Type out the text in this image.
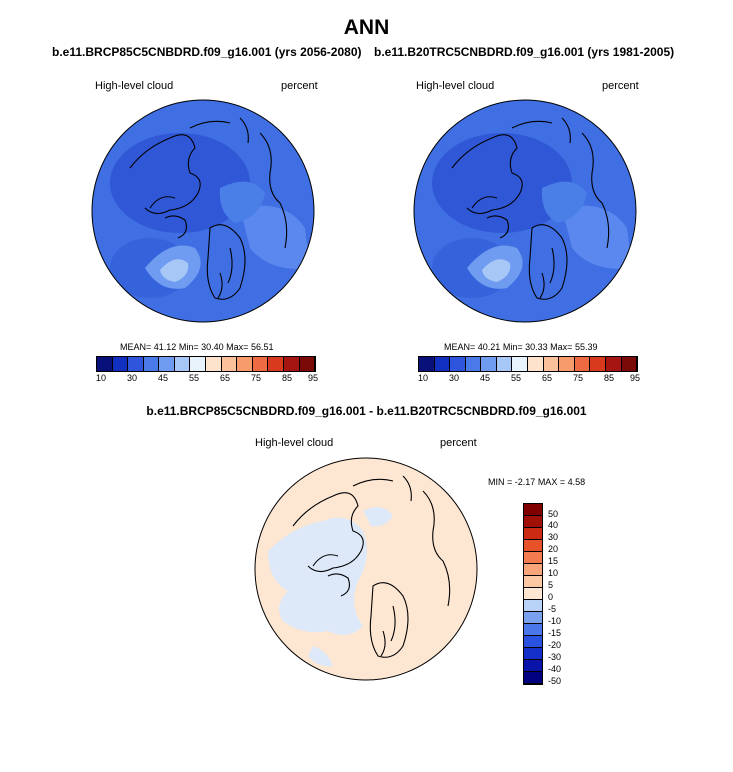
ANN
b.e11.BRCP85C5CNBDRD.f09_g16.001 (yrs 2056-2080)
High-level cloud	percent
MEAN= 41.12 Min= 30.40 Max= 56.51
10	30	45	55	65	75	85	95
b.e11.B20TRC5CNBDRD.f09_g16.001 (yrs 1981-2005)
High-level cloud	percent
MEAN= 40.21 Min= 30.33 Max= 55.39
10	30	45	55	65	75	85	95
b.e11.BRCP85C5CNBDRD.f09_g16.001 - b.e11.B20TRC5CNBDRD.f09_g16.001
High-level cloud	percent
MIN = -2.17 MAX = 4.58
50
40
30
20
15
10
5
0
-5
-10
-15
-20
-30
-40
-50
